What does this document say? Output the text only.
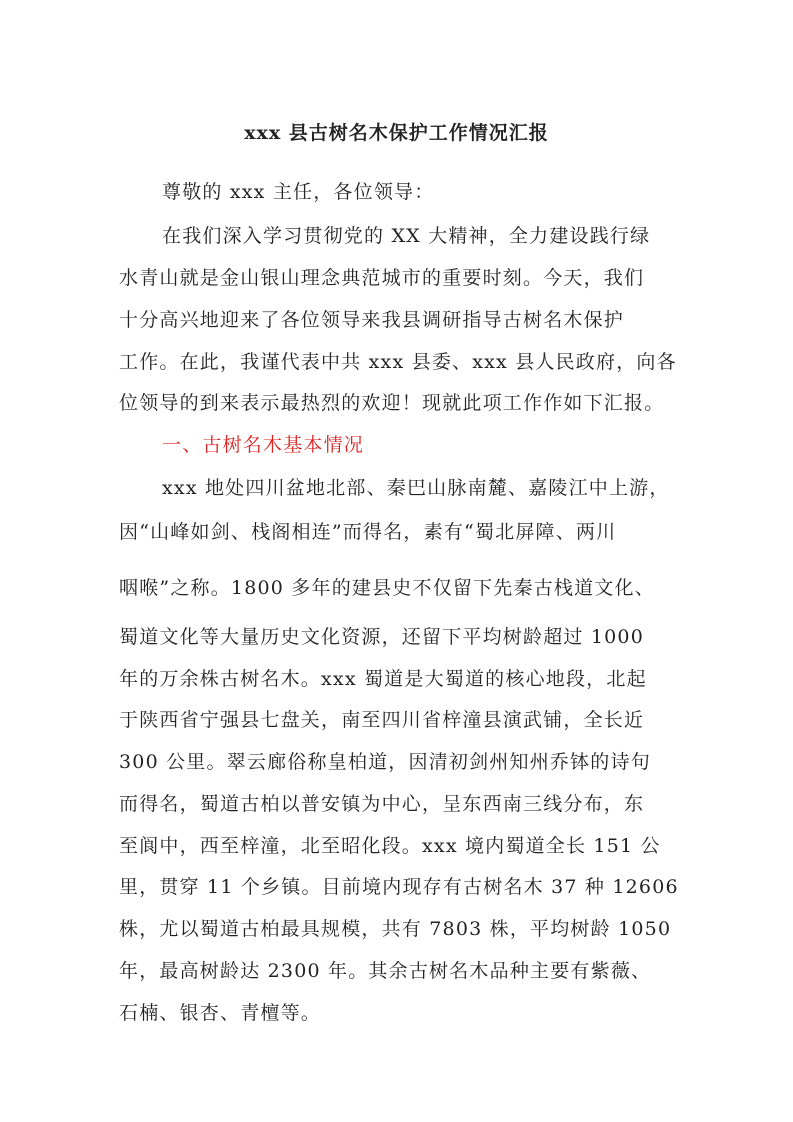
xxx 县古树名木保护工作情况汇报
尊敬的 xxx 主任，各位领导：
在我们深入学习贯彻党的 XX 大精神，全力建设践行绿
水青山就是金山银山理念典范城市的重要时刻。今天，我们
十分高兴地迎来了各位领导来我县调研指导古树名木保护
工作。在此，我谨代表中共 xxx 县委、xxx 县人民政府，向各
位领导的到来表示最热烈的欢迎！现就此项工作作如下汇报。
一、古树名木基本情况
xxx 地处四川盆地北部、秦巴山脉南麓、嘉陵江中上游，
因“山峰如剑、栈阁相连”而得名，素有“蜀北屏障、两川
咽喉”之称。1800 多年的建县史不仅留下先秦古栈道文化、
蜀道文化等大量历史文化资源，还留下平均树龄超过 1000
年的万余株古树名木。xxx 蜀道是大蜀道的核心地段，北起
于陕西省宁强县七盘关，南至四川省梓潼县演武铺，全长近
300 公里。翠云廊俗称皇柏道，因清初剑州知州乔钵的诗句
而得名，蜀道古柏以普安镇为中心，呈东西南三线分布，东
至阆中，西至梓潼，北至昭化段。xxx 境内蜀道全长 151 公
里，贯穿 11 个乡镇。目前境内现存有古树名木 37 种 12606
株，尤以蜀道古柏最具规模，共有 7803 株，平均树龄 1050
年，最高树龄达 2300 年。其余古树名木品种主要有紫薇、
石楠、银杏、青檀等。
